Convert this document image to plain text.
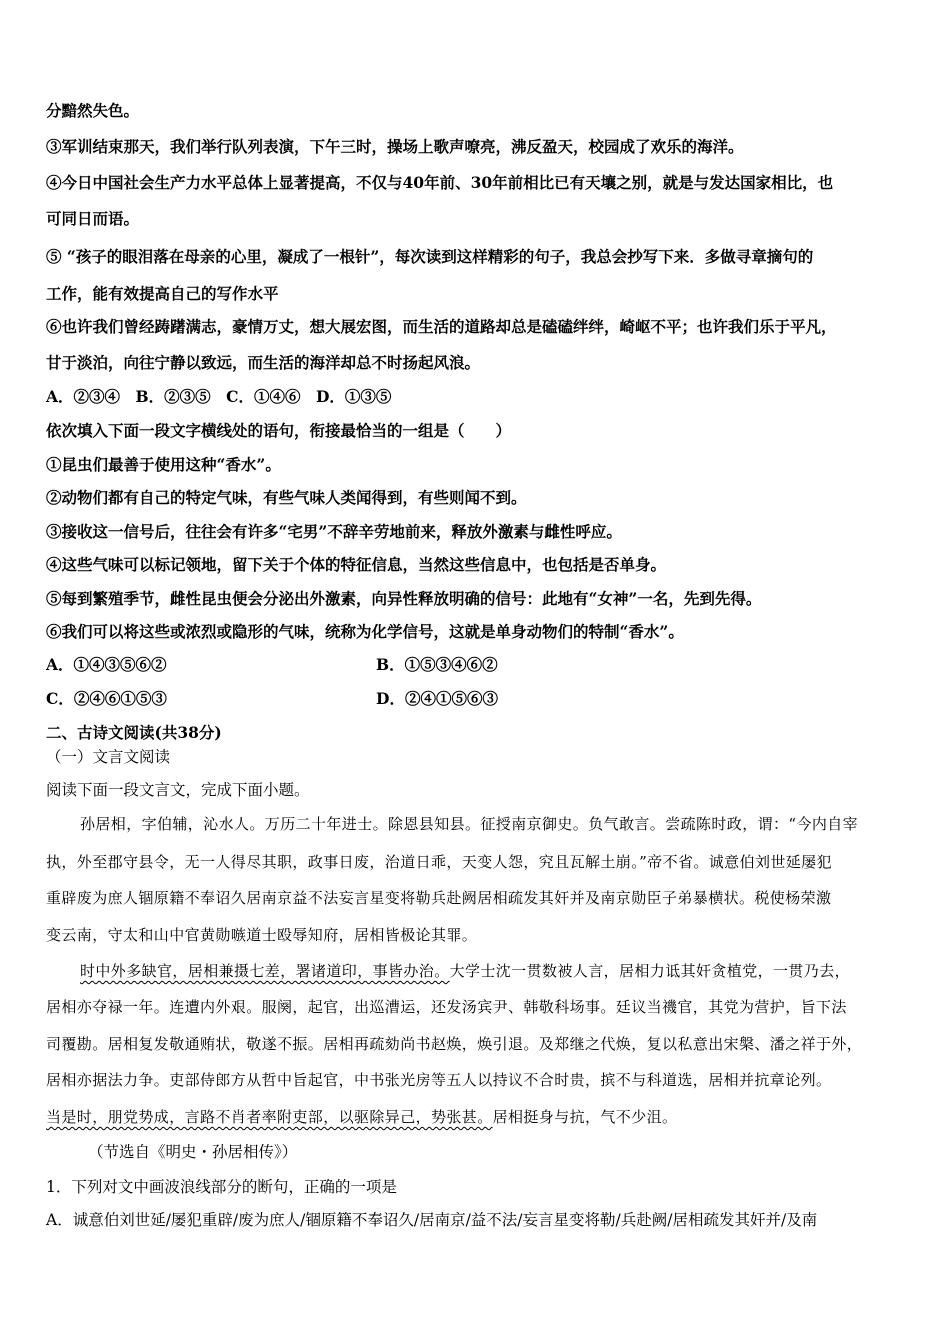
分黯然失色。
③军训结束那天，我们举行队列表演，下午三时，操场上歌声嘹亮，沸反盈天，校园成了欢乐的海洋。
④今日中国社会生产力水平总体上显著提高，不仅与40年前、30年前相比已有天壤之别，就是与发达国家相比，也
可同日而语。
⑤ “孩子的眼泪落在母亲的心里，凝成了一根针”，每次读到这样精彩的句子，我总会抄写下来．多做寻章摘句的
工作，能有效提高自己的写作水平
⑥也许我们曾经踌躇满志，豪情万丈，想大展宏图，而生活的道路却总是磕磕绊绊，崎岖不平；也许我们乐于平凡，
甘于淡泊，向往宁静以致远，而生活的海洋却总不时扬起风浪。
A．②③④　B．②③⑤　C．①④⑥　D．①③⑤
依次填入下面一段文字横线处的语句，衔接最恰当的一组是（　　）
①昆虫们最善于使用这种“香水”。
②动物们都有自己的特定气味，有些气味人类闻得到，有些则闻不到。
③接收这一信号后，往往会有许多“宅男”不辞辛劳地前来，释放外激素与雌性呼应。
④这些气味可以标记领地，留下关于个体的特征信息，当然这些信息中，也包括是否单身。
⑤每到繁殖季节，雌性昆虫便会分泌出外激素，向异性释放明确的信号：此地有“女神”一名，先到先得。
⑥我们可以将这些或浓烈或隐形的气味，统称为化学信号，这就是单身动物们的特制“香水”。
A．①④③⑤⑥②	B．①⑤③④⑥②
C．②④⑥①⑤③	D．②④①⑤⑥③
二、古诗文阅读(共38分)
（一）文言文阅读
阅读下面一段文言文，完成下面小题。
孙居相，字伯辅，沁水人。万历二十年进士。除恩县知县。征授南京御史。负气敢言。尝疏陈时政，谓：“今内自宰
执，外至郡守县令，无一人得尽其职，政事日废，治道日乖，天变人怨，究且瓦解土崩。”帝不省。诚意伯刘世延屡犯
重辟废为庶人锢原籍不奉诏久居南京益不法妄言星变将勒兵赴阙居相疏发其奸并及南京勋臣子弟暴横状。税使杨荣激
变云南，守太和山中官黄勋嗾道士殴辱知府，居相皆极论其罪。
时中外多缺官，居相兼摄七差，署诸道印，事皆办治。大学士沈一贯数被人言，居相力诋其奸贪植党，一贯乃去，
居相亦夺禄一年。连遭内外艰。服阕，起官，出巡漕运，还发汤宾尹、韩敬科场事。廷议当禨官，其党为营护，旨下法
司覆勘。居相复发敬通贿状，敬遂不振。居相再疏劾尚书赵焕，焕引退。及郑继之代焕，复以私意出宋槃、潘之祥于外，
居相亦据法力争。吏部侍郎方从哲中旨起官，中书张光房等五人以持议不合时贵，摈不与科道选，居相并抗章论列。
当是时，朋党势成，言路不肖者率附吏部，以驱除异己，势张甚。居相挺身与抗，气不少沮。
（节选自《明史・孙居相传》）
1．下列对文中画波浪线部分的断句，正确的一项是
A．诚意伯刘世延/屡犯重辟/废为庶人/锢原籍不奉诏久/居南京/益不法/妄言星变将勒/兵赴阙/居相疏发其奸并/及南
